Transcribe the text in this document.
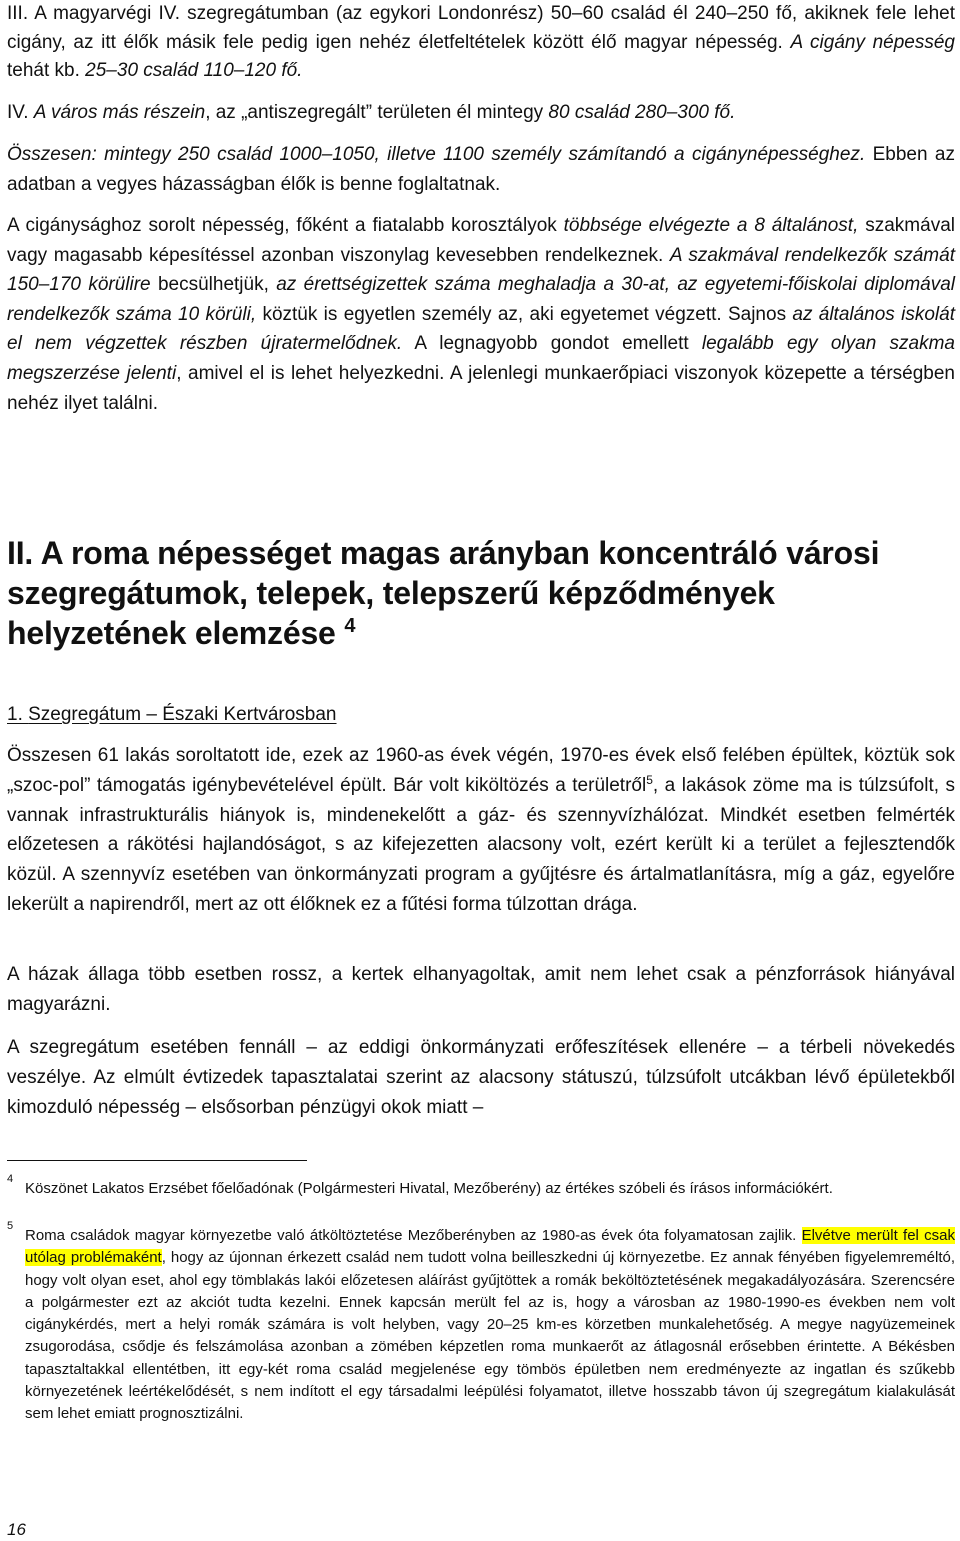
III. A magyarvégi IV. szegregátumban (az egykori Londonrész) 50–60 család él 240–250 fő, akiknek fele lehet cigány, az itt élők másik fele pedig igen nehéz életfeltételek között élő magyar népesség. A cigány népesség tehát kb. 25–30 család 110–120 fő.

IV. A város más részein, az „antiszegregált” területen él mintegy 80 család 280–300 fő.

Összesen: mintegy 250 család 1000–1050, illetve 1100 személy számítandó a cigánynépességhez. Ebben az adatban a vegyes házasságban élők is benne foglaltatnak.

A cigánysághoz sorolt népesség, főként a fiatalabb korosztályok többsége elvégezte a 8 általánost, szakmával vagy magasabb képesítéssel azonban viszonylag kevesebben rendelkeznek. A szakmával rendelkezők számát 150–170 körülire becsülhetjük, az érettségizettek száma meghaladja a 30-at, az egyetemi-főiskolai diplomával rendelkezők száma 10 körüli, köztük is egyetlen személy az, aki egyetemet végzett. Sajnos az általános iskolát el nem végzettek részben újratermelődnek. A legnagyobb gondot emellett legalább egy olyan szakma megszerzése jelenti, amivel el is lehet helyezkedni. A jelenlegi munkaerőpiaci viszonyok közepette a térségben nehéz ilyet találni.

II. A roma népességet magas arányban koncentráló városi szegregátumok, telepek, telepszerű képződmények helyzetének elemzése $^4$

1. Szegregátum – Északi Kertvárosban

Összesen 61 lakás soroltatott ide, ezek az 1960-as évek végén, 1970-es évek első felében épültek, köztük sok „szoc-pol” támogatás igénybevételével épült. Bár volt kiköltözés a területről$^5$, a lakások zöme ma is túlzsúfolt, s vannak infrastrukturális hiányok is, mindenekelőtt a gáz- és szennyvízhálózat. Mindkét esetben felmérték előzetesen a rákötési hajlandóságot, s az kifejezetten alacsony volt, ezért került ki a terület a fejlesztendők közül. A szennyvíz esetében van önkormányzati program a gyűjtésre és ártalmatlanításra, míg a gáz, egyelőre lekerült a napirendről, mert az ott élőknek ez a fűtési forma túlzottan drága.

A házak állaga több esetben rossz, a kertek elhanyagoltak, amit nem lehet csak a pénzforrások hiányával magyarázni.

A szegregátum esetében fennáll – az eddigi önkormányzati erőfeszítések ellenére – a térbeli növekedés veszélye. Az elmúlt évtizedek tapasztalatai szerint az alacsony státuszú, túlzsúfolt utcákban lévő épületekből kimozduló népesség – elsősorban pénzügyi okok miatt –

4
Köszönet Lakatos Erzsébet főelőadónak (Polgármesteri Hivatal, Mezőberény) az értékes szóbeli és írásos információkért.

5
Roma családok magyar környezetbe való átköltöztetése Mezőberényben az 1980-as évek óta folyamatosan zajlik. Elvétve merült fel csak utólag problémaként, hogy az újonnan érkezett család nem tudott volna beilleszkedni új környezetbe. Ez annak fényében figyelemreméltó, hogy volt olyan eset, ahol egy tömblakás lakói előzetesen aláírást gyűjtöttek a romák beköltöztetésének megakadályozására. Szerencsére a polgármester ezt az akciót tudta kezelni. Ennek kapcsán merült fel az is, hogy a városban az 1980-1990-es években nem volt cigánykérdés, mert a helyi romák számára is volt helyben, vagy 20–25 km-es körzetben munkalehetőség. A megye nagyüzemeinek zsugorodása, csődje és felszámolása azonban a zömében képzetlen roma munkaerőt az átlagosnál erősebben érintette. A Békésben tapasztaltakkal ellentétben, itt egy-két roma család megjelenése egy tömbös épületben nem eredményezte az ingatlan és szűkebb környezetének leértékelődését, s nem indított el egy társadalmi leépülési folyamatot, illetve hosszabb távon új szegregátum kialakulását sem lehet emiatt prognosztizálni.

16
